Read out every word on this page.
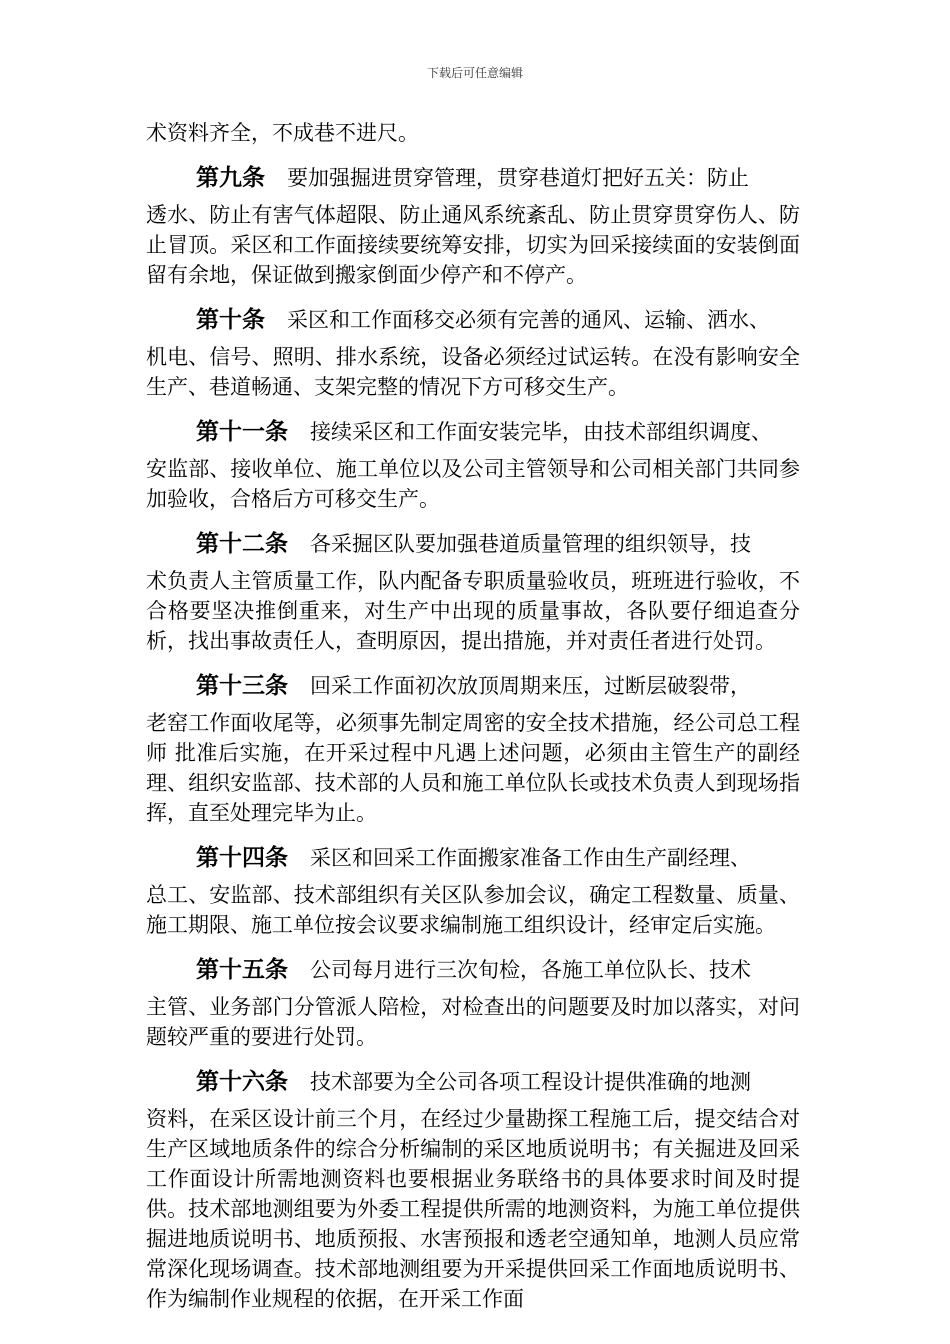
下载后可任意编辑

术资料齐全，不成巷不进尺。

第九条 要加强掘进贯穿管理，贯穿巷道灯把好五关：防止

透水、防止有害气体超限、防止通风系统紊乱、防止贯穿贯穿伤人、防止冒顶。采区和工作面接续要统筹安排，切实为回采接续面的安装倒面留有余地，保证做到搬家倒面少停产和不停产。

第十条 采区和工作面移交必须有完善的通风、运输、洒水、

机电、信号、照明、排水系统，设备必须经过试运转。在没有影响安全生产、巷道畅通、支架完整的情况下方可移交生产。

第十一条 接续采区和工作面安装完毕，由技术部组织调度、

安监部、接收单位、施工单位以及公司主管领导和公司相关部门共同参加验收，合格后方可移交生产。

第十二条 各采掘区队要加强巷道质量管理的组织领导，技

术负责人主管质量工作，队内配备专职质量验收员，班班进行验收，不合格要坚决推倒重来，对生产中出现的质量事故，各队要仔细追查分析，找出事故责任人，查明原因，提出措施，并对责任者进行处罚。

第十三条 回采工作面初次放顶周期来压，过断层破裂带，

老窑工作面收尾等，必须事先制定周密的安全技术措施，经公司总工程师 批准后实施，在开采过程中凡遇上述问题，必须由主管生产的副经理、组织安监部、技术部的人员和施工单位队长或技术负责人到现场指挥，直至处理完毕为止。

第十四条 采区和回采工作面搬家准备工作由生产副经理、

总工、安监部、技术部组织有关区队参加会议，确定工程数量、质量、施工期限、施工单位按会议要求编制施工组织设计，经审定后实施。

第十五条 公司每月进行三次旬检，各施工单位队长、技术

主管、业务部门分管派人陪检，对检查出的问题要及时加以落实，对问题较严重的要进行处罚。

第十六条 技术部要为全公司各项工程设计提供准确的地测

资料，在采区设计前三个月，在经过少量勘探工程施工后，提交结合对生产区域地质条件的综合分析编制的采区地质说明书；有关掘进及回采工作面设计所需地测资料也要根据业务联络书的具体要求时间及时提供。技术部地测组要为外委工程提供所需的地测资料，为施工单位提供掘进地质说明书、地质预报、水害预报和透老空通知单，地测人员应常常深化现场调查。技术部地测组要为开采提供回采工作面地质说明书、作为编制作业规程的依据，在开采工作面
